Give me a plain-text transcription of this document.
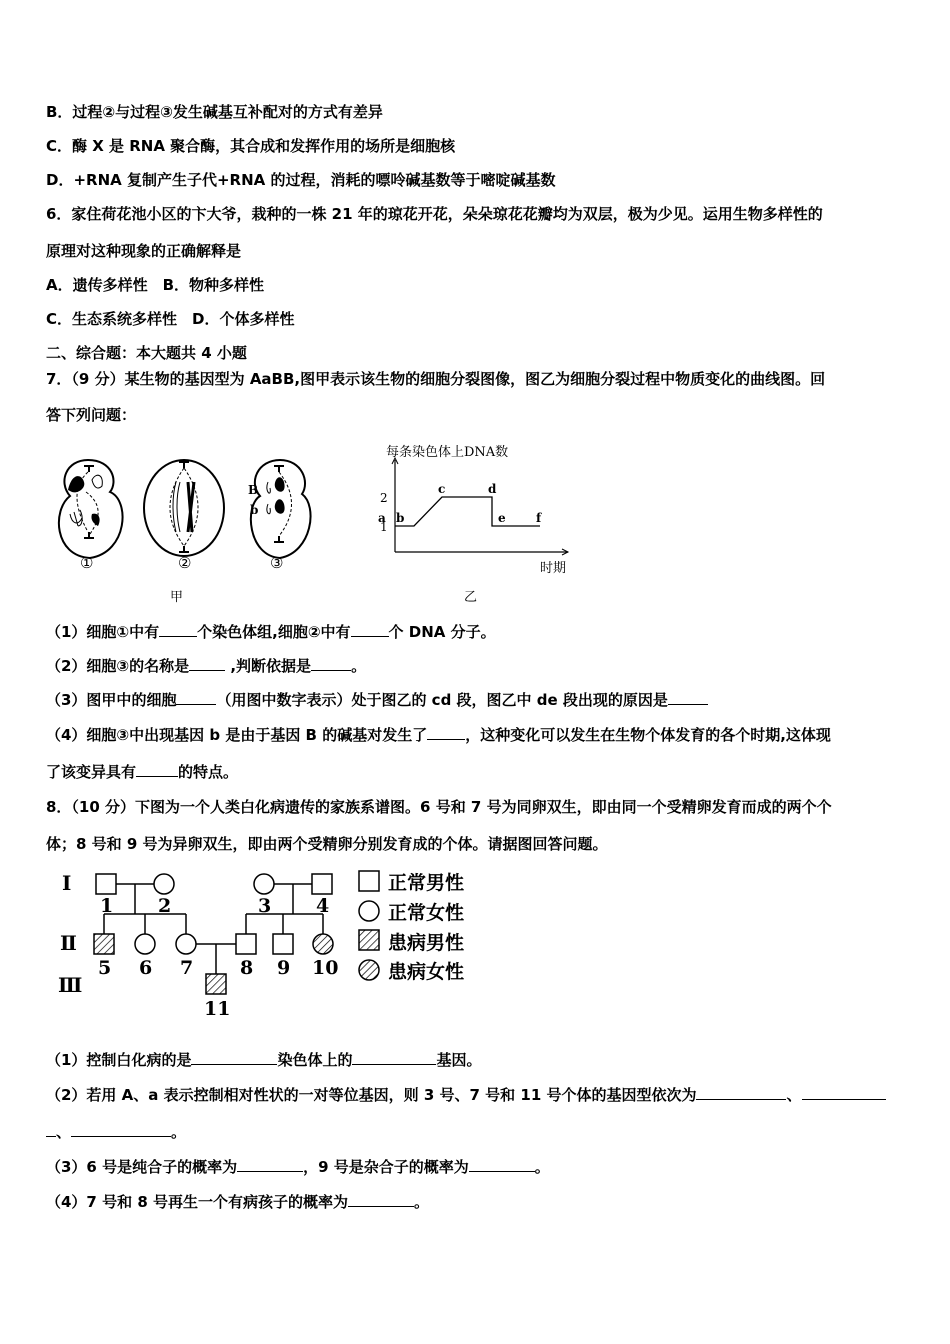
B．过程②与过程③发生碱基互补配对的方式有差异
C．酶 X 是 RNA 聚合酶，其合成和发挥作用的场所是细胞核
D．+RNA 复制产生子代+RNA 的过程，消耗的嘌呤碱基数等于嘧啶碱基数
6．家住荷花池小区的卞大爷，栽种的一株 21 年的琼花开花，朵朵琼花花瓣均为双层，极为少见。运用生物多样性的
原理对这种现象的正确解释是
A．遗传多样性　B．物种多样性
C．生态系统多样性　D．个体多样性
二、综合题：本大题共 4 小题
7．（9 分）某生物的基因型为 AaBB,图甲表示该生物的细胞分裂图像，图乙为细胞分裂过程中物质变化的曲线图。回
答下列问题：
B
b
①	②	③
甲
每条染色体上DNA数
时期
1
2
a b
c	d
e	f
乙
（1）细胞①中有	个染色体组,细胞②中有	个 DNA 分子。
（2）细胞③的名称是 ,判断依据是	。
（3）图甲中的细胞	（用图中数字表示）处于图乙的 cd 段，图乙中 de 段出现的原因是
（4）细胞③中出现基因 b 是由于基因 B 的碱基对发生了	，这种变化可以发生在生物个体发育的各个时期,这体现
了该变异具有	的特点。
8．（10 分）下图为一个人类白化病遗传的家族系谱图。6 号和 7 号为同卵双生，即由同一个受精卵发育而成的两个个
体；8 号和 9 号为异卵双生，即由两个受精卵分别发育成的个体。请据图回答问题。
Ⅰ
Ⅱ
Ⅲ
1 2	3 4
5 6 7 8 9 10
11
正常男性
正常女性
患病男性
患病女性
（1）控制白化病的是	染色体上的	基因。
（2）若用 A、a 表示控制相对性状的一对等位基因，则 3 号、7 号和 11 号个体的基因型依次为	、
、	。
（3）6 号是纯合子的概率为	，9 号是杂合子的概率为	。
（4）7 号和 8 号再生一个有病孩子的概率为	。
